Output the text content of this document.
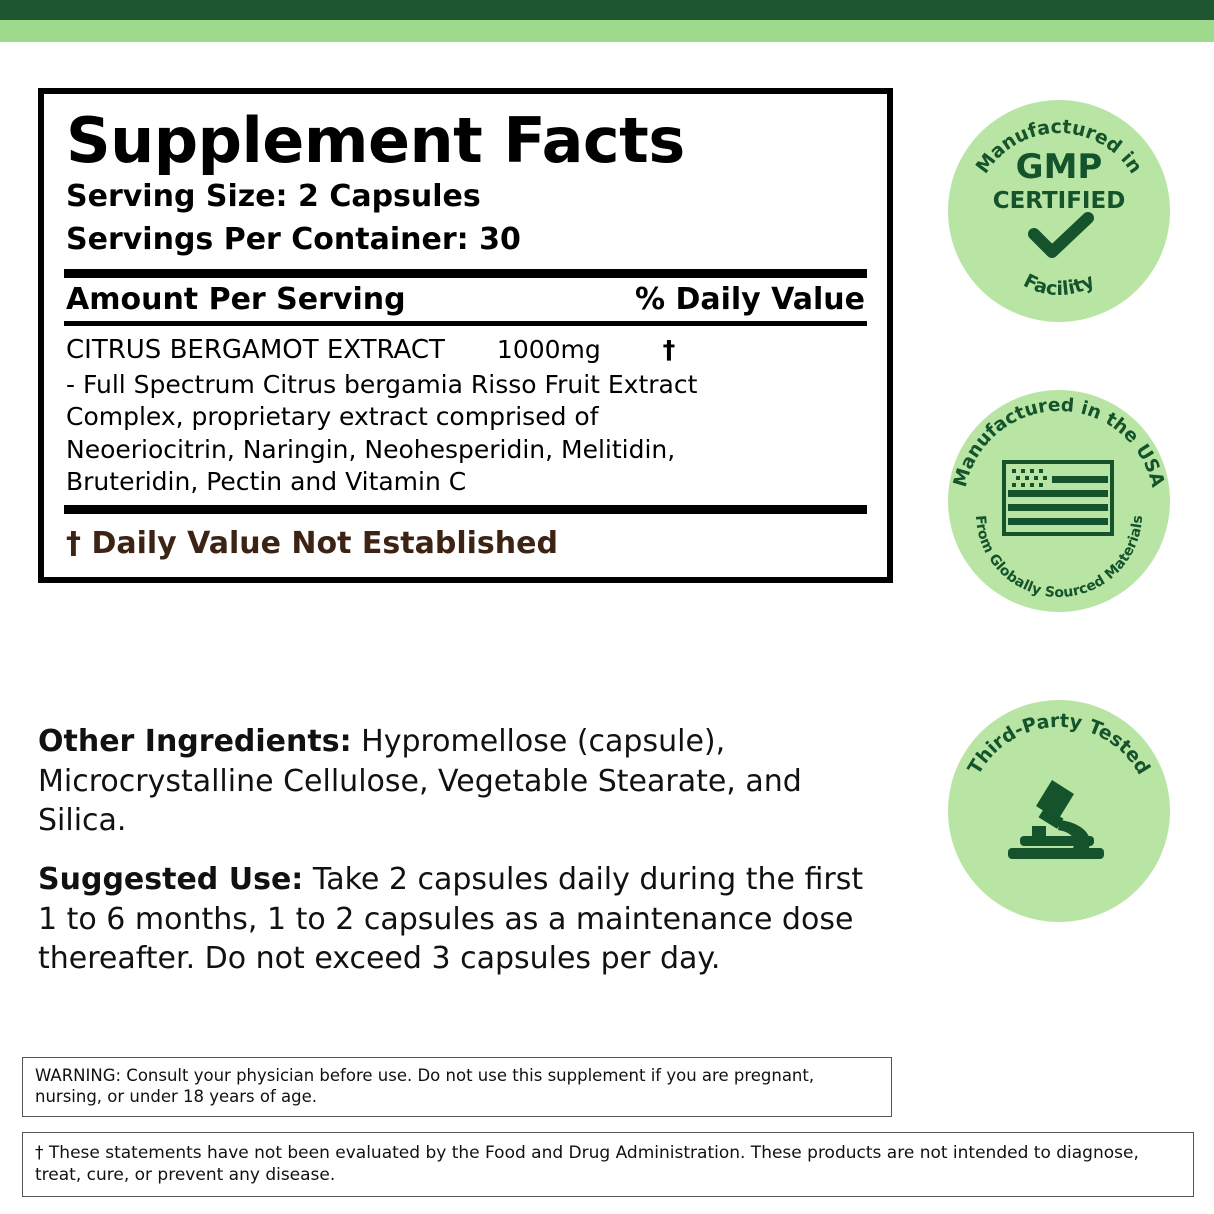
Supplement Facts
Serving Size: 2 Capsules
Servings Per Container: 30
Amount Per Serving	% Daily Value
CITRUS BERGAMOT EXTRACT 1000mg †
- Full Spectrum Citrus bergamia Risso Fruit Extract Complex, proprietary extract comprised of Neoeriocitrin, Naringin, Neohesperidin, Melitidin, Bruteridin, Pectin and Vitamin C
† Daily Value Not Established
Other Ingredients: Hypromellose (capsule), Microcrystalline Cellulose, Vegetable Stearate, and Silica.
Suggested Use: Take 2 capsules daily during the first 1 to 6 months, 1 to 2 capsules as a maintenance dose thereafter. Do not exceed 3 capsules per day.
WARNING: Consult your physician before use. Do not use this supplement if you are pregnant, nursing, or under 18 years of age.
† These statements have not been evaluated by the Food and Drug Administration. These products are not intended to diagnose, treat, cure, or prevent any disease.
Manufactured in
Facility
GMP
CERTIFIED
Manufactured in the USA
From Globally Sourced Materials
Third-Party Tested
